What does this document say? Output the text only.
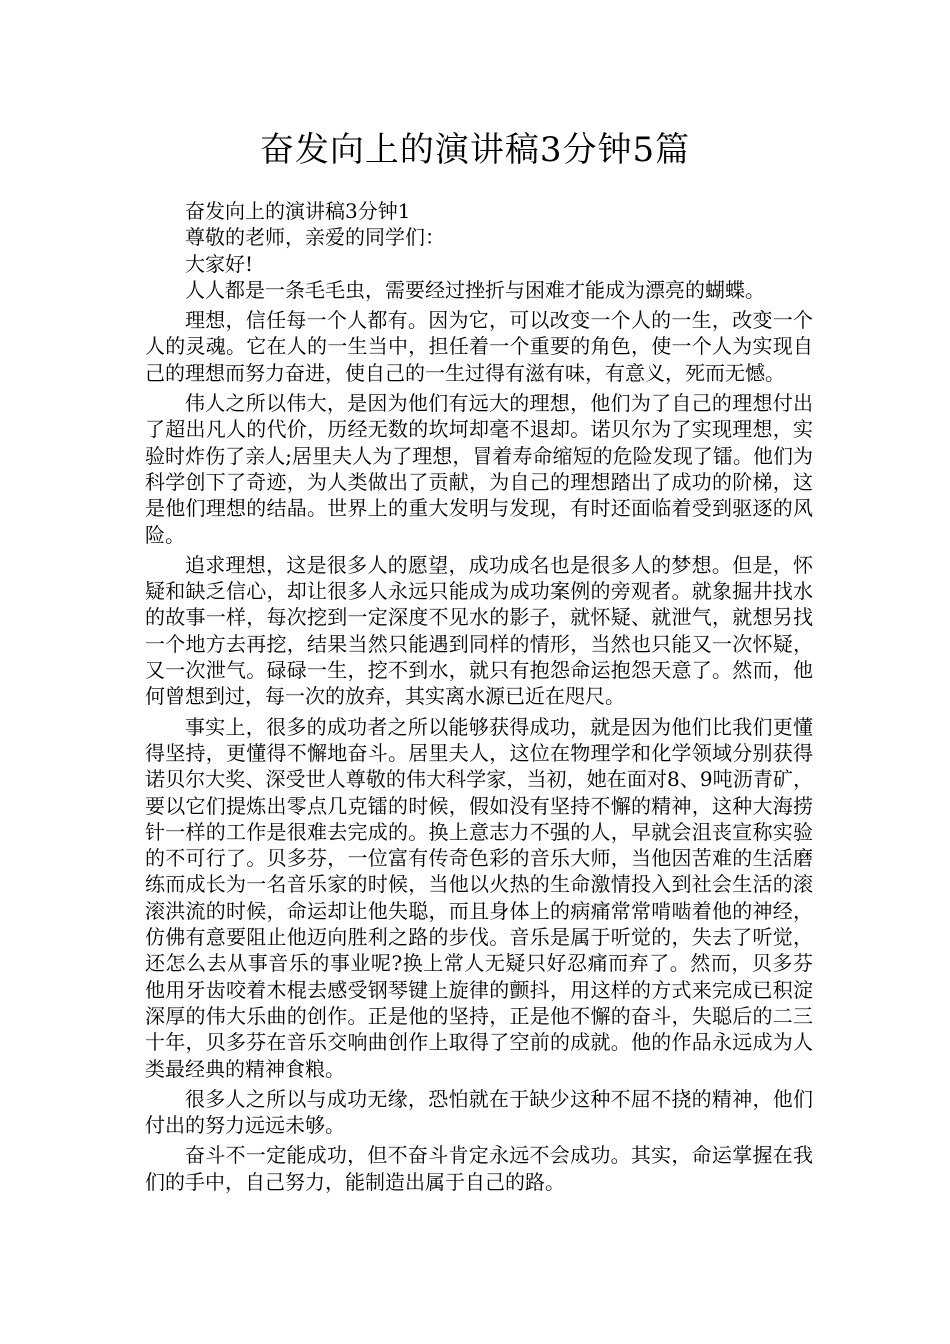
奋发向上的演讲稿3分钟5篇

奋发向上的演讲稿3分钟1

尊敬的老师，亲爱的同学们：

大家好!

人人都是一条毛毛虫，需要经过挫折与困难才能成为漂亮的蝴蝶。

理想，信任每一个人都有。因为它，可以改变一个人的一生，改变一个人的灵魂。它在人的一生当中，担任着一个重要的角色，使一个人为实现自己的理想而努力奋进，使自己的一生过得有滋有味，有意义，死而无憾。

伟人之所以伟大，是因为他们有远大的理想，他们为了自己的理想付出了超出凡人的代价，历经无数的坎坷却毫不退却。诺贝尔为了实现理想，实验时炸伤了亲人;居里夫人为了理想，冒着寿命缩短的危险发现了镭。他们为科学创下了奇迹，为人类做出了贡献，为自己的理想踏出了成功的阶梯，这是他们理想的结晶。世界上的重大发明与发现，有时还面临着受到驱逐的风险。

追求理想，这是很多人的愿望，成功成名也是很多人的梦想。但是，怀疑和缺乏信心，却让很多人永远只能成为成功案例的旁观者。就象掘井找水的故事一样，每次挖到一定深度不见水的影子，就怀疑、就泄气，就想另找一个地方去再挖，结果当然只能遇到同样的情形，当然也只能又一次怀疑，又一次泄气。碌碌一生，挖不到水，就只有抱怨命运抱怨天意了。然而，他何曾想到过，每一次的放弃，其实离水源已近在咫尺。

事实上，很多的成功者之所以能够获得成功，就是因为他们比我们更懂得坚持，更懂得不懈地奋斗。居里夫人，这位在物理学和化学领域分别获得诺贝尔大奖、深受世人尊敬的伟大科学家，当初，她在面对8、9吨沥青矿，要以它们提炼出零点几克镭的时候，假如没有坚持不懈的精神，这种大海捞针一样的工作是很难去完成的。换上意志力不强的人，早就会沮丧宣称实验的不可行了。贝多芬，一位富有传奇色彩的音乐大师，当他因苦难的生活磨练而成长为一名音乐家的时候，当他以火热的生命激情投入到社会生活的滚滚洪流的时候，命运却让他失聪，而且身体上的病痛常常啃啮着他的神经，仿佛有意要阻止他迈向胜利之路的步伐。音乐是属于听觉的，失去了听觉，还怎么去从事音乐的事业呢?换上常人无疑只好忍痛而弃了。然而，贝多芬他用牙齿咬着木棍去感受钢琴键上旋律的颤抖，用这样的方式来完成已积淀深厚的伟大乐曲的创作。正是他的坚持，正是他不懈的奋斗，失聪后的二三十年，贝多芬在音乐交响曲创作上取得了空前的成就。他的作品永远成为人类最经典的精神食粮。

很多人之所以与成功无缘，恐怕就在于缺少这种不屈不挠的精神，他们付出的努力远远未够。

奋斗不一定能成功，但不奋斗肯定永远不会成功。其实，命运掌握在我们的手中，自己努力，能制造出属于自己的路。
